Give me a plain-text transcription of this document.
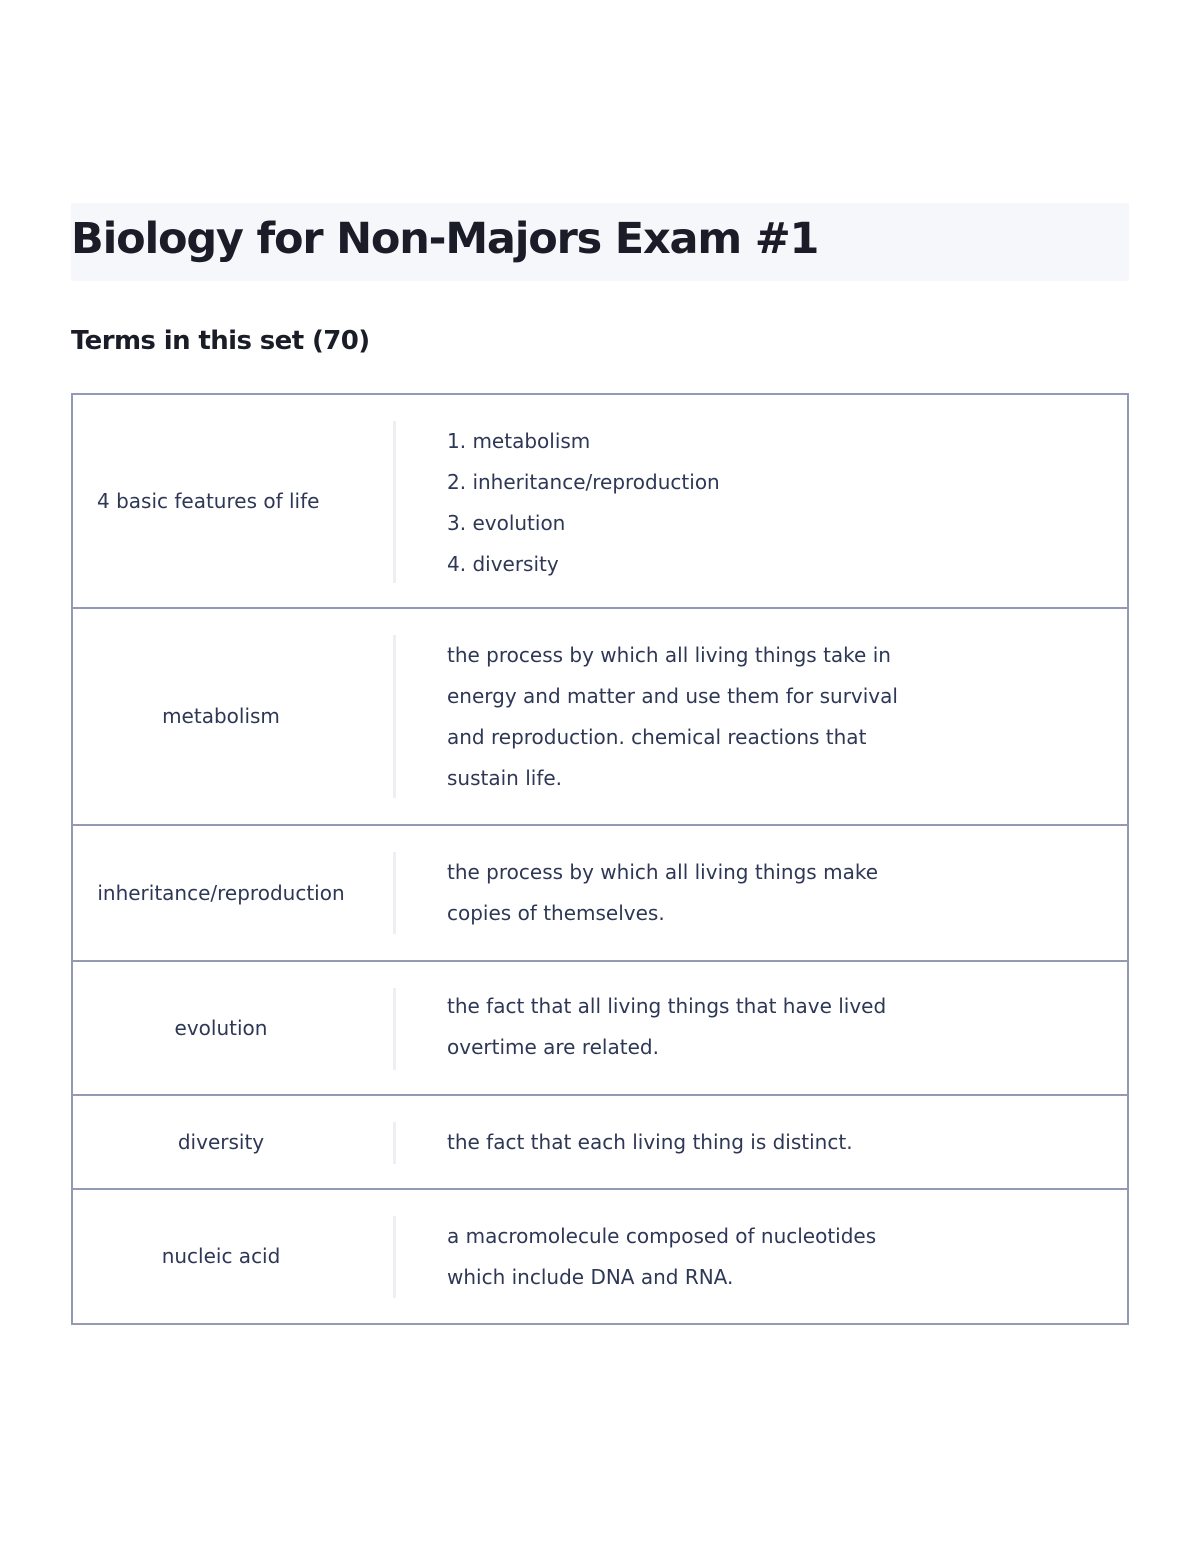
Biology for Non-Majors Exam #1
Terms in this set (70)
4 basic features of life
1. metabolism
2. inheritance/reproduction
3. evolution
4. diversity
metabolism
the process by which all living things take in
energy and matter and use them for survival
and reproduction. chemical reactions that
sustain life.
inheritance/reproduction
the process by which all living things make
copies of themselves.
evolution
the fact that all living things that have lived
overtime are related.
diversity	the fact that each living thing is distinct.
nucleic acid
a macromolecule composed of nucleotides
which include DNA and RNA.
